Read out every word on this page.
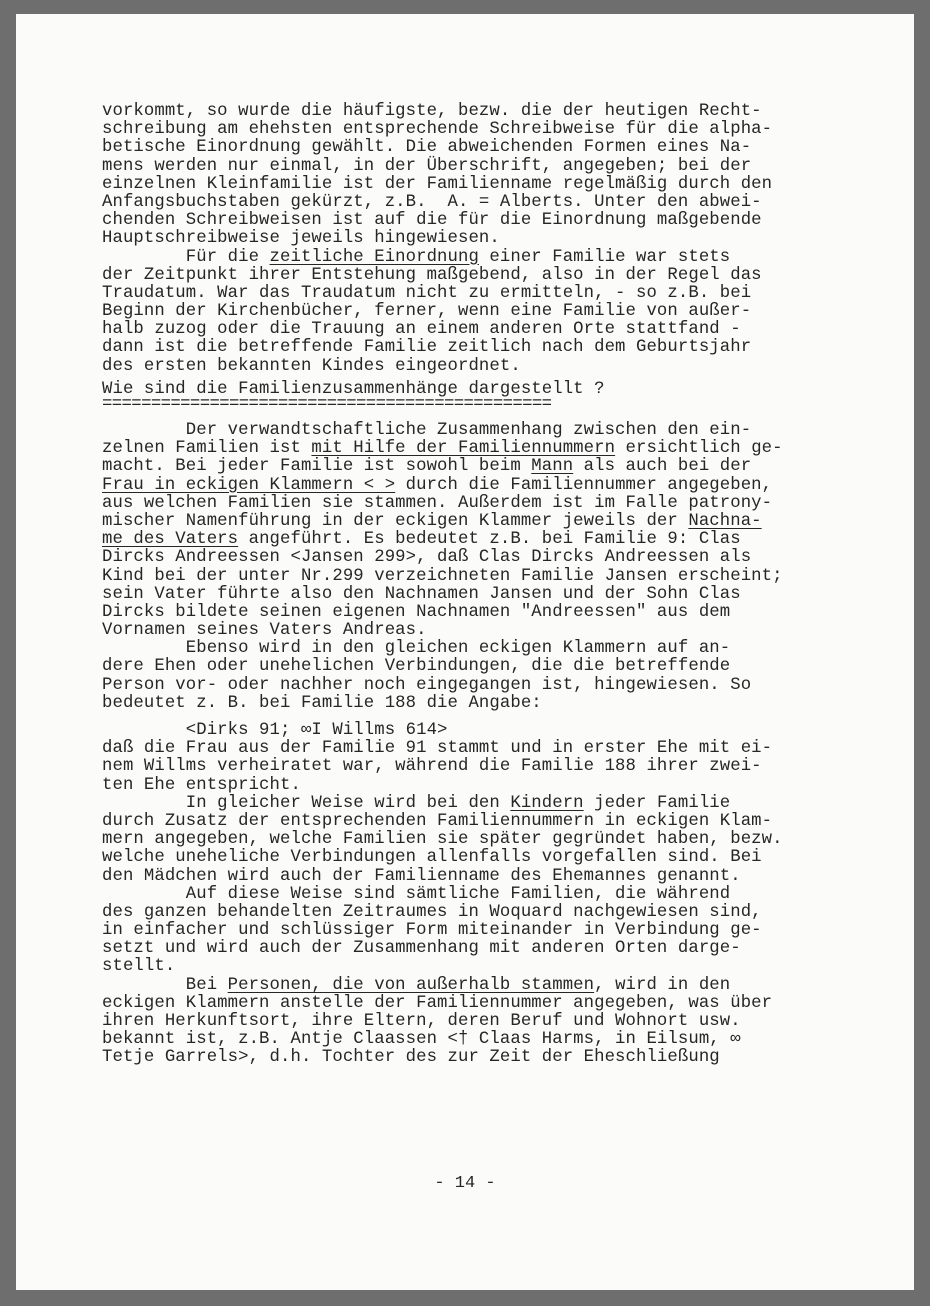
vorkommt, so wurde die häufigste, bezw. die der heutigen Recht-
schreibung am ehehsten entsprechende Schreibweise für die alpha-
betische Einordnung gewählt. Die abweichenden Formen eines Na-
mens werden nur einmal, in der Überschrift, angegeben; bei der
einzelnen Kleinfamilie ist der Familienname regelmäßig durch den
Anfangsbuchstaben gekürzt, z.B.  A. = Alberts. Unter den abwei-
chenden Schreibweisen ist auf die für die Einordnung maßgebende
Hauptschreibweise jeweils hingewiesen.
Für die zeitliche Einordnung einer Familie war stets
der Zeitpunkt ihrer Entstehung maßgebend, also in der Regel das
Traudatum. War das Traudatum nicht zu ermitteln, - so z.B. bei
Beginn der Kirchenbücher, ferner, wenn eine Familie von außer-
halb zuzog oder die Trauung an einem anderen Orte stattfand -
dann ist die betreffende Familie zeitlich nach dem Geburtsjahr
des ersten bekannten Kindes eingeordnet.
Wie sind die Familienzusammenhänge dargestellt ?
==============================================
Der verwandtschaftliche Zusammenhang zwischen den ein-
zelnen Familien ist mit Hilfe der Familiennummern ersichtlich ge-
macht. Bei jeder Familie ist sowohl beim Mann als auch bei der
Frau in eckigen Klammern < > durch die Familiennummer angegeben,
aus welchen Familien sie stammen. Außerdem ist im Falle patrony-
mischer Namenführung in der eckigen Klammer jeweils der Nachna-
me des Vaters angeführt. Es bedeutet z.B. bei Familie 9: Clas
Dircks Andreessen <Jansen 299>, daß Clas Dircks Andreessen als
Kind bei der unter Nr.299 verzeichneten Familie Jansen erscheint;
sein Vater führte also den Nachnamen Jansen und der Sohn Clas
Dircks bildete seinen eigenen Nachnamen "Andreessen" aus dem
Vornamen seines Vaters Andreas.
Ebenso wird in den gleichen eckigen Klammern auf an-
dere Ehen oder unehelichen Verbindungen, die die betreffende
Person vor- oder nachher noch eingegangen ist, hingewiesen. So
bedeutet z. B. bei Familie 188 die Angabe:
<Dirks 91; ∞I Willms 614>
daß die Frau aus der Familie 91 stammt und in erster Ehe mit ei-
nem Willms verheiratet war, während die Familie 188 ihrer zwei-
ten Ehe entspricht.
In gleicher Weise wird bei den Kindern jeder Familie
durch Zusatz der entsprechenden Familiennummern in eckigen Klam-
mern angegeben, welche Familien sie später gegründet haben, bezw.
welche uneheliche Verbindungen allenfalls vorgefallen sind. Bei
den Mädchen wird auch der Familienname des Ehemannes genannt.
Auf diese Weise sind sämtliche Familien, die während
des ganzen behandelten Zeitraumes in Woquard nachgewiesen sind,
in einfacher und schlüssiger Form miteinander in Verbindung ge-
setzt und wird auch der Zusammenhang mit anderen Orten darge-
stellt.
Bei Personen, die von außerhalb stammen, wird in den
eckigen Klammern anstelle der Familiennummer angegeben, was über
ihren Herkunftsort, ihre Eltern, deren Beruf und Wohnort usw.
bekannt ist, z.B. Antje Claassen <† Claas Harms, in Eilsum, ∞
Tetje Garrels>, d.h. Tochter des zur Zeit der Eheschließung
- 14 -
